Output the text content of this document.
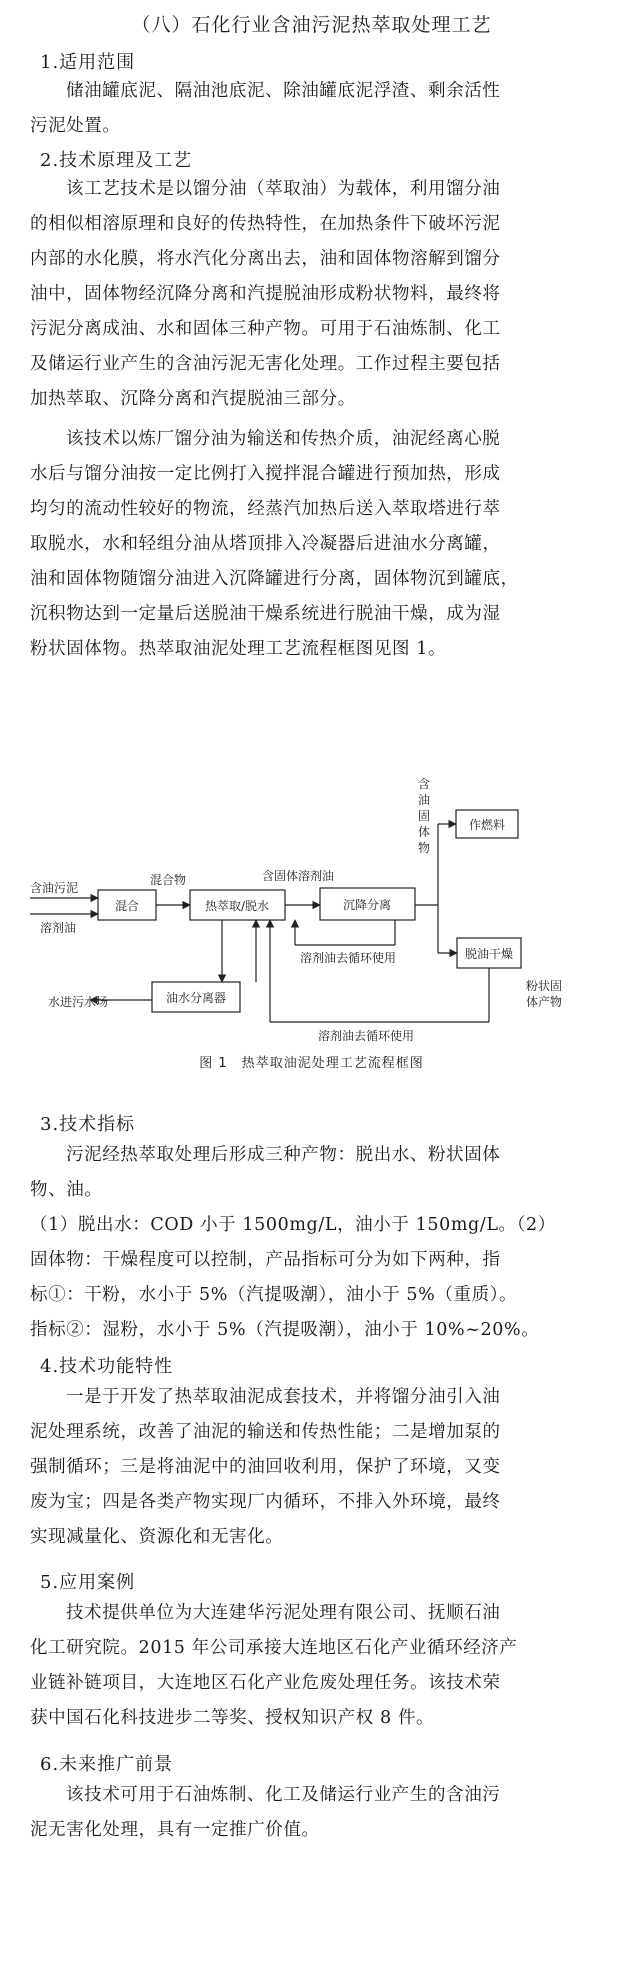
（八）石化行业含油污泥热萃取处理工艺
1.适用范围
储油罐底泥、隔油池底泥、除油罐底泥浮渣、剩余活性
污泥处置。
2.技术原理及工艺
该工艺技术是以馏分油（萃取油）为载体，利用馏分油
的相似相溶原理和良好的传热特性，在加热条件下破坏污泥
内部的水化膜，将水汽化分离出去，油和固体物溶解到馏分
油中，固体物经沉降分离和汽提脱油形成粉状物料，最终将
污泥分离成油、水和固体三种产物。可用于石油炼制、化工
及储运行业产生的含油污泥无害化处理。工作过程主要包括
加热萃取、沉降分离和汽提脱油三部分。
该技术以炼厂馏分油为输送和传热介质，油泥经离心脱
水后与馏分油按一定比例打入搅拌混合罐进行预加热，形成
均匀的流动性较好的物流，经蒸汽加热后送入萃取塔进行萃
取脱水，水和轻组分油从塔顶排入冷凝器后进油水分离罐，
油和固体物随馏分油进入沉降罐进行分离，固体物沉到罐底，
沉积物达到一定量后送脱油干燥系统进行脱油干燥，成为湿
粉状固体物。热萃取油泥处理工艺流程框图见图 1。
混合	热萃取/脱水	沉降分离
作燃料
脱油干燥
油水分离器
含油污泥
溶剂油
混合物	含固体溶剂油
含
油
固
体
物
溶剂油去循环使用
溶剂油去循环使用
水进污水场
粉状固
体产物
图 1　热萃取油泥处理工艺流程框图
3.技术指标
污泥经热萃取处理后形成三种产物：脱出水、粉状固体
物、油。
（1）脱出水：COD 小于 1500mg/L，油小于 150mg/L。（2）
固体物：干燥程度可以控制，产品指标可分为如下两种，指
标①：干粉，水小于 5%（汽提吸潮），油小于 5%（重质）。
指标②：湿粉，水小于 5%（汽提吸潮），油小于 10%~20%。
4.技术功能特性
一是于开发了热萃取油泥成套技术，并将馏分油引入油
泥处理系统，改善了油泥的输送和传热性能；二是增加泵的
强制循环；三是将油泥中的油回收利用，保护了环境，又变
废为宝；四是各类产物实现厂内循环，不排入外环境，最终
实现减量化、资源化和无害化。
5.应用案例
技术提供单位为大连建华污泥处理有限公司、抚顺石油
化工研究院。2015 年公司承接大连地区石化产业循环经济产
业链补链项目，大连地区石化产业危废处理任务。该技术荣
获中国石化科技进步二等奖、授权知识产权 8 件。
6.未来推广前景
该技术可用于石油炼制、化工及储运行业产生的含油污
泥无害化处理，具有一定推广价值。
